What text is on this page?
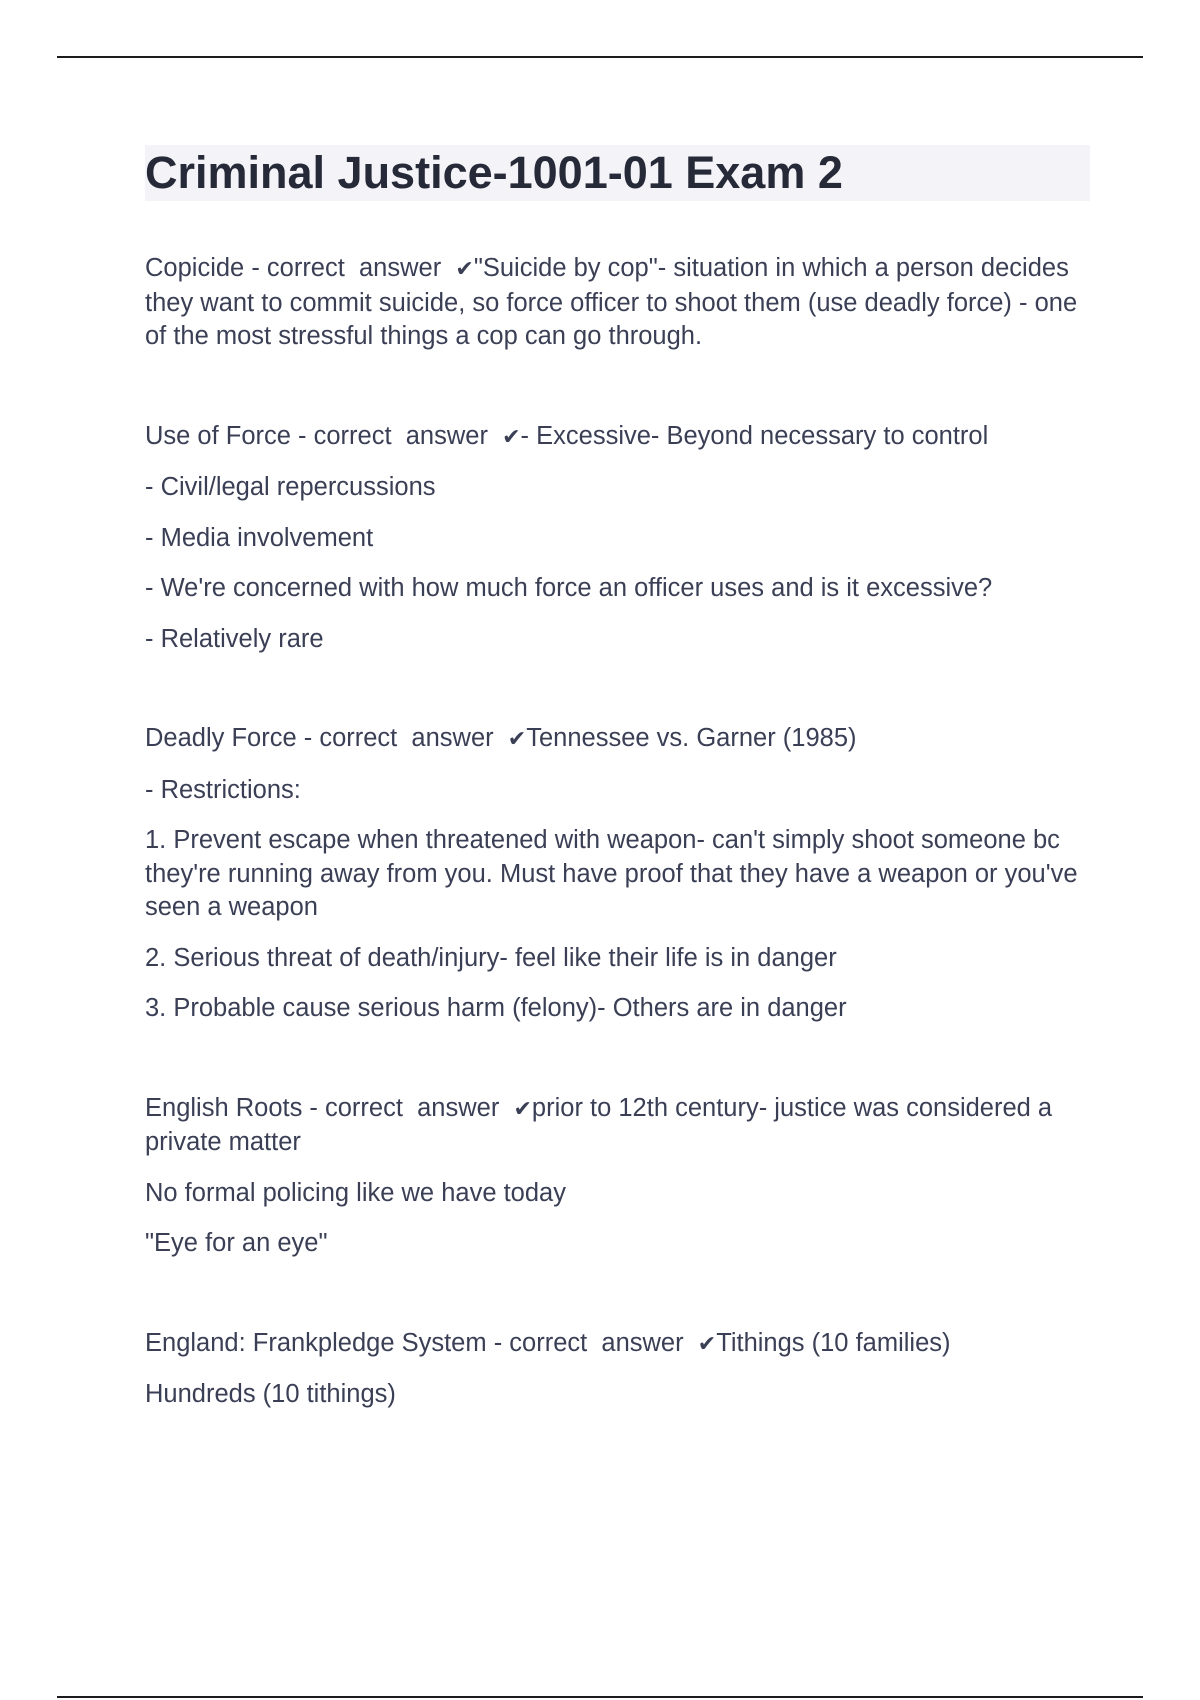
Criminal Justice-1001-01 Exam 2

Copicide - correct  answer  ✔"Suicide by cop"- situation in which a person decides they want to commit suicide, so force officer to shoot them (use deadly force) - one of the most stressful things a cop can go through.

Use of Force - correct  answer  ✔- Excessive- Beyond necessary to control

- Civil/legal repercussions

- Media involvement

- We're concerned with how much force an officer uses and is it excessive?

- Relatively rare

Deadly Force - correct  answer  ✔Tennessee vs. Garner (1985)

- Restrictions:

1. Prevent escape when threatened with weapon- can't simply shoot someone bc they're running away from you. Must have proof that they have a weapon or you've seen a weapon

2. Serious threat of death/injury- feel like their life is in danger

3. Probable cause serious harm (felony)- Others are in danger

English Roots - correct  answer  ✔prior to 12th century- justice was considered a private matter

No formal policing like we have today

"Eye for an eye"

England: Frankpledge System - correct  answer  ✔Tithings (10 families)

Hundreds (10 tithings)
